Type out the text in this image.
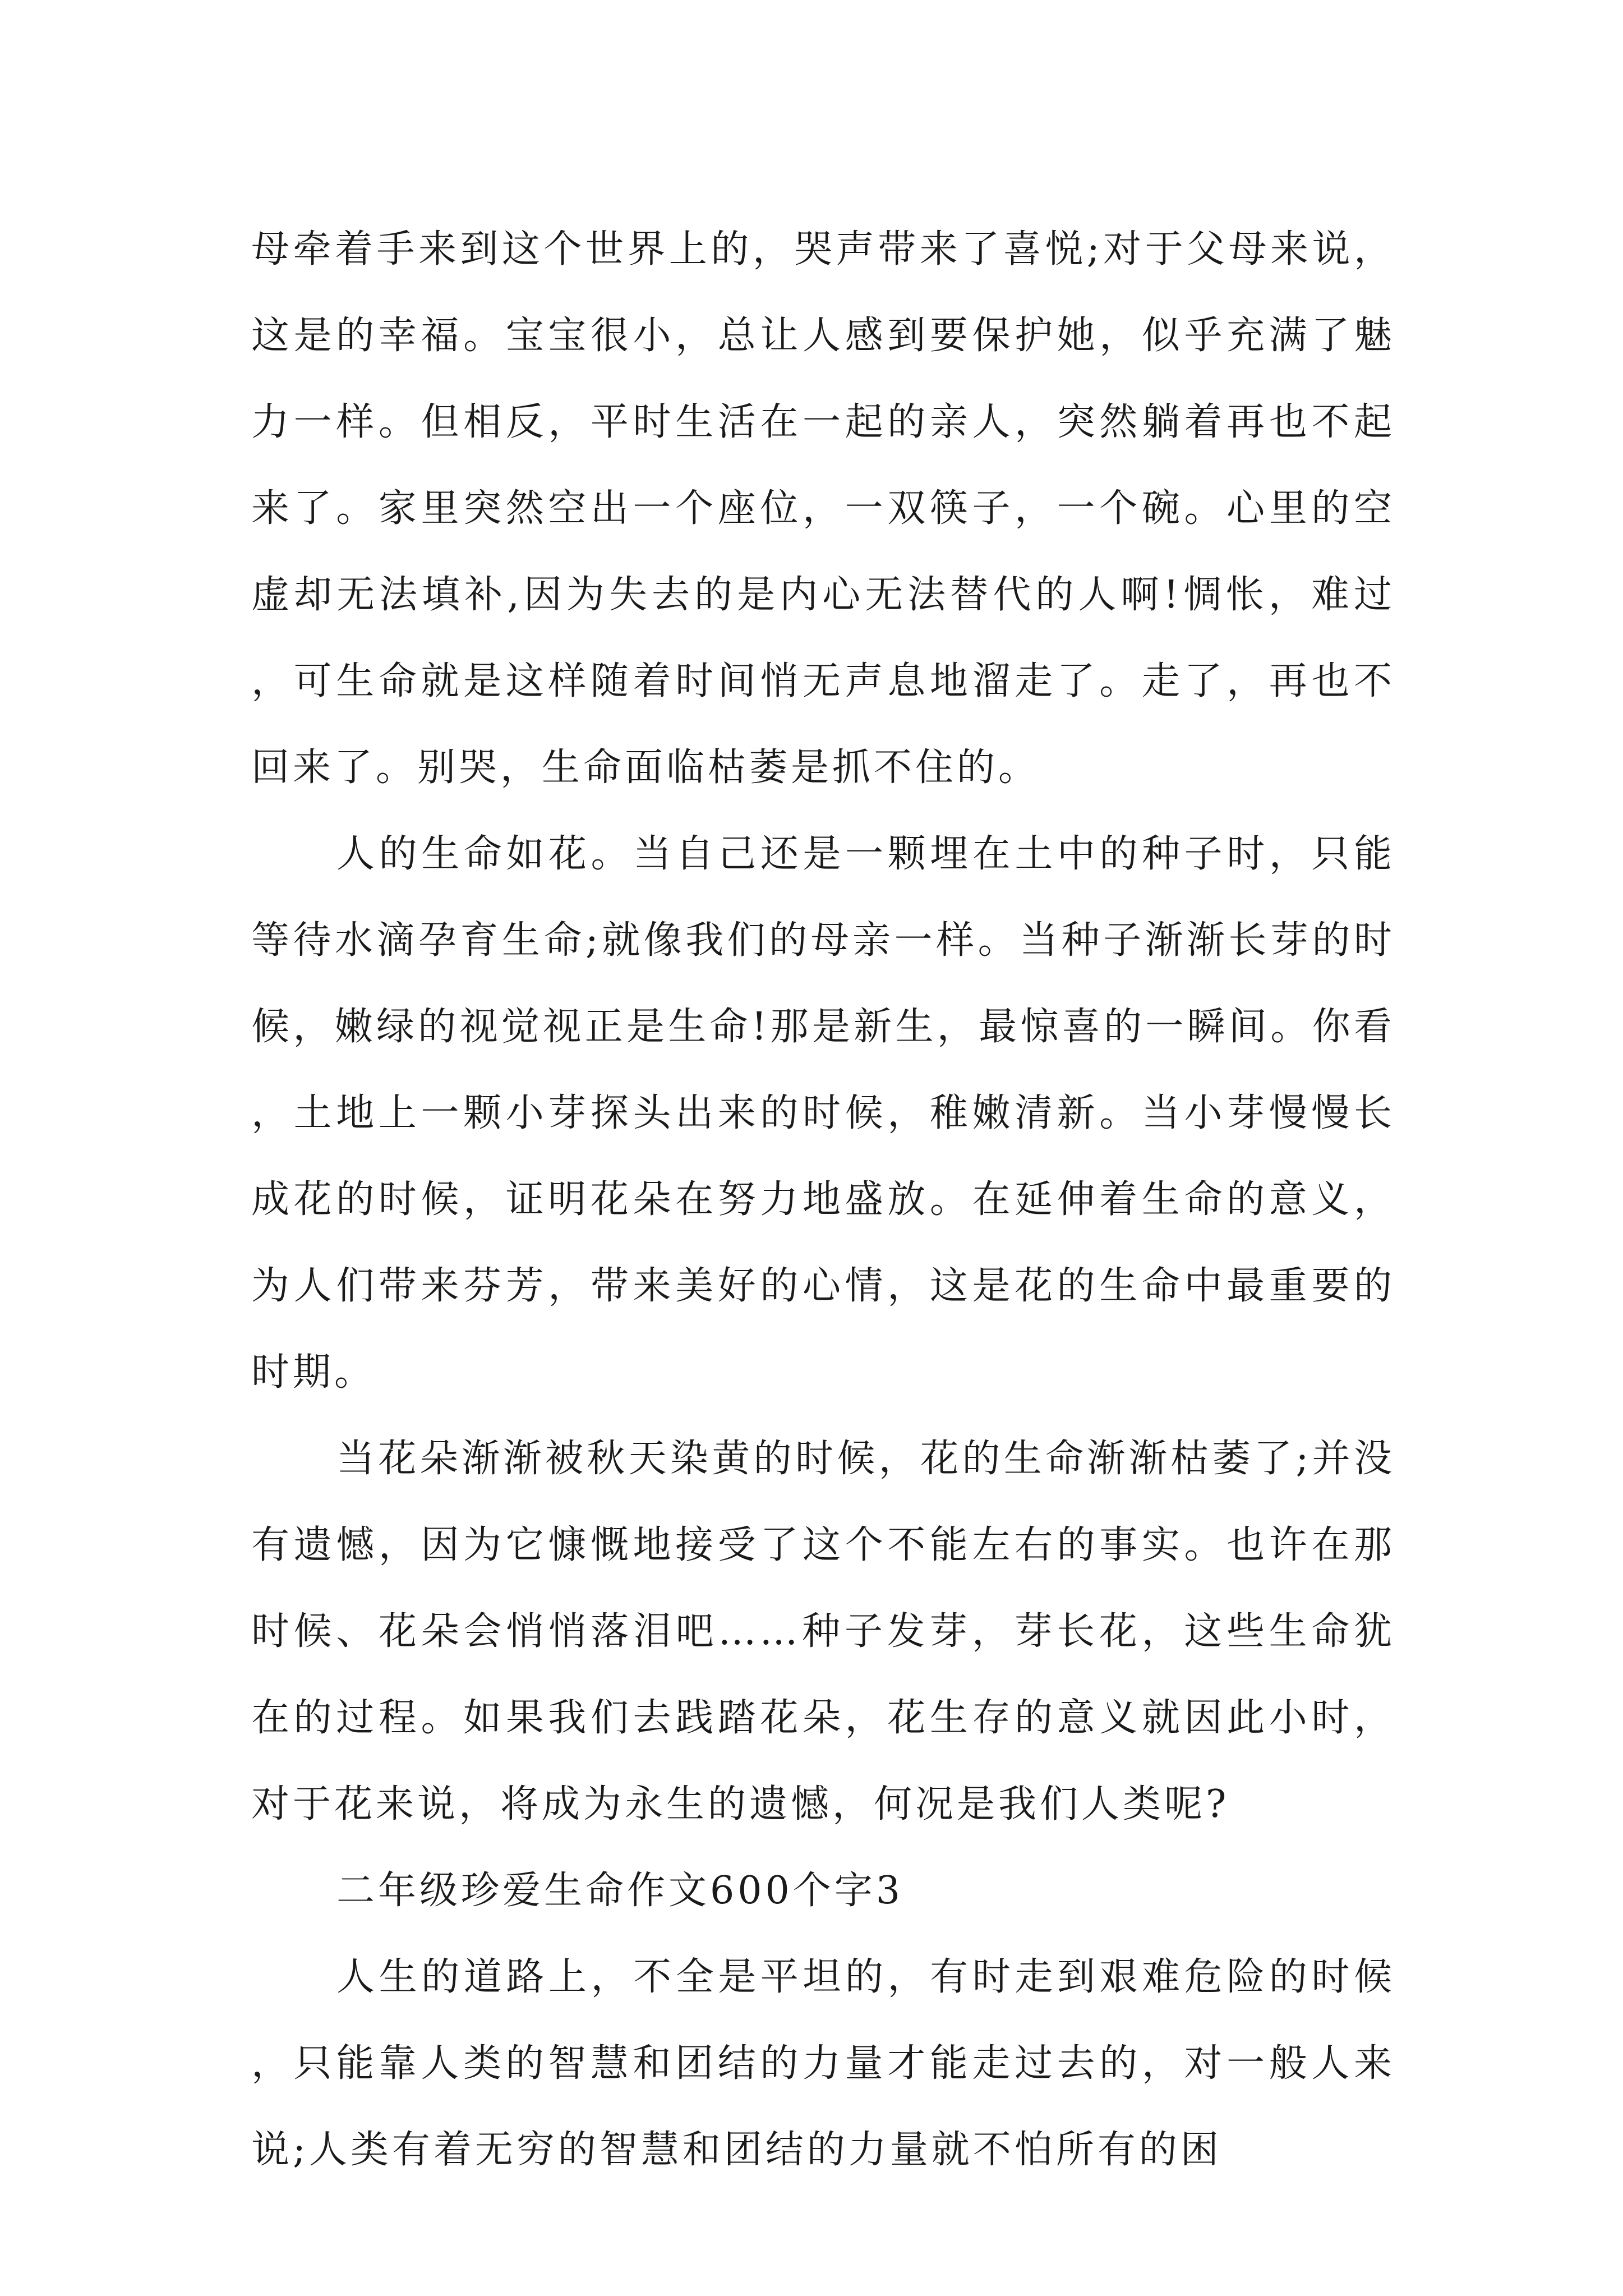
母牵着手来到这个世界上的，哭声带来了喜悦;对于父母来说，这是的幸福。宝宝很小，总让人感到要保护她，似乎充满了魅力一样。但相反，平时生活在一起的亲人，突然躺着再也不起来了。家里突然空出一个座位，一双筷子，一个碗。心里的空虚却无法填补,因为失去的是内心无法替代的人啊!惆怅，难过，可生命就是这样随着时间悄无声息地溜走了。走了，再也不回来了。别哭，生命面临枯萎是抓不住的。

人的生命如花。当自己还是一颗埋在土中的种子时，只能等待水滴孕育生命;就像我们的母亲一样。当种子渐渐长芽的时候，嫩绿的视觉视正是生命!那是新生，最惊喜的一瞬间。你看，土地上一颗小芽探头出来的时候，稚嫩清新。当小芽慢慢长成花的时候，证明花朵在努力地盛放。在延伸着生命的意义，为人们带来芬芳，带来美好的心情，这是花的生命中最重要的时期。

当花朵渐渐被秋天染黄的时候，花的生命渐渐枯萎了;并没有遗憾，因为它慷慨地接受了这个不能左右的事实。也许在那时候、花朵会悄悄落泪吧……种子发芽，芽长花，这些生命犹在的过程。如果我们去践踏花朵，花生存的意义就因此小时，对于花来说，将成为永生的遗憾，何况是我们人类呢?

二年级珍爱生命作文600个字3

人生的道路上，不全是平坦的，有时走到艰难危险的时候，只能靠人类的智慧和团结的力量才能走过去的，对一般人来说;人类有着无穷的智慧和团结的力量就不怕所有的困
